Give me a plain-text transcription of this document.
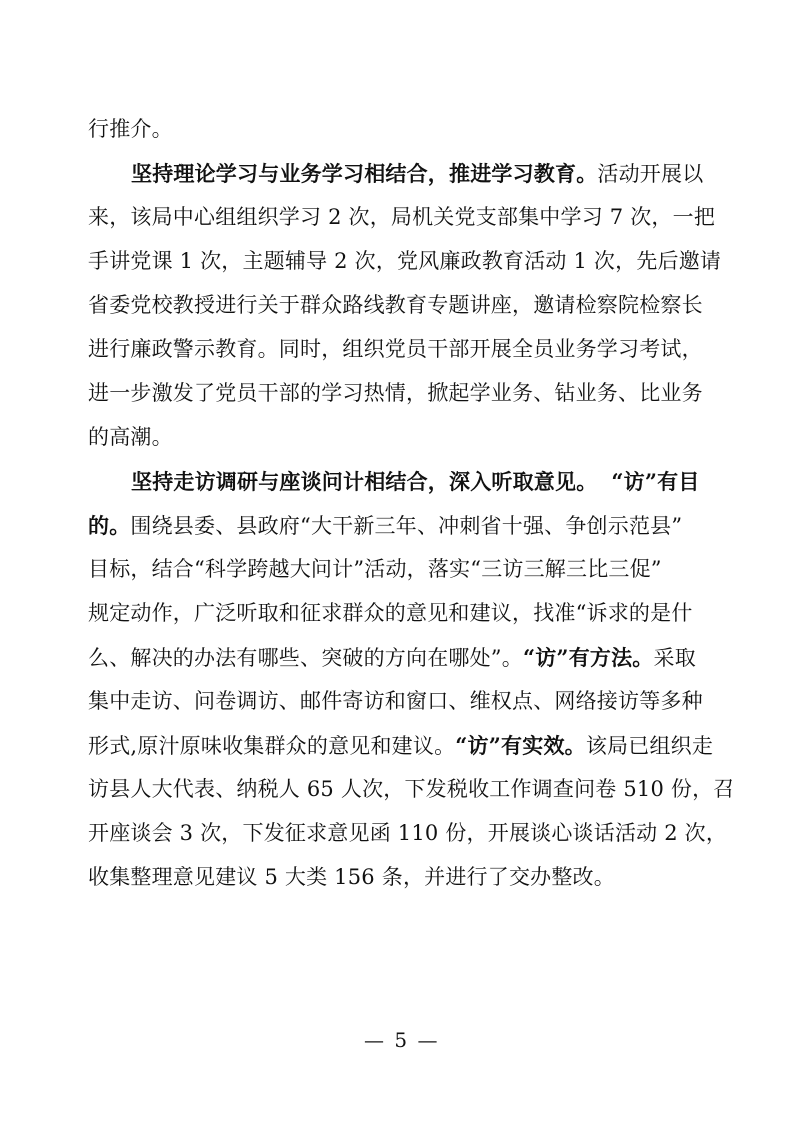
行推介。
坚持理论学习与业务学习相结合，推进学习教育。活动开展以
来，该局中心组组织学习 2 次，局机关党支部集中学习 7 次，一把
手讲党课 1 次，主题辅导 2 次，党风廉政教育活动 1 次，先后邀请
省委党校教授进行关于群众路线教育专题讲座，邀请检察院检察长
进行廉政警示教育。同时，组织党员干部开展全员业务学习考试，
进一步激发了党员干部的学习热情，掀起学业务、钻业务、比业务
的高潮。
坚持走访调研与座谈问计相结合，深入听取意见。 “访”有目
的。围绕县委、县政府“大干新三年、冲刺省十强、争创示范县”
目标，结合“科学跨越大问计”活动，落实“三访三解三比三促”
规定动作，广泛听取和征求群众的意见和建议，找准“诉求的是什
么、解决的办法有哪些、突破的方向在哪处”。“访”有方法。采取
集中走访、问卷调访、邮件寄访和窗口、维权点、网络接访等多种
形式,原汁原味收集群众的意见和建议。“访”有实效。该局已组织走
访县人大代表、纳税人 65 人次，下发税收工作调查问卷 510 份，召
开座谈会 3 次，下发征求意见函 110 份，开展谈心谈话活动 2 次，
收集整理意见建议 5 大类 156 条，并进行了交办整改。
— 5 —
